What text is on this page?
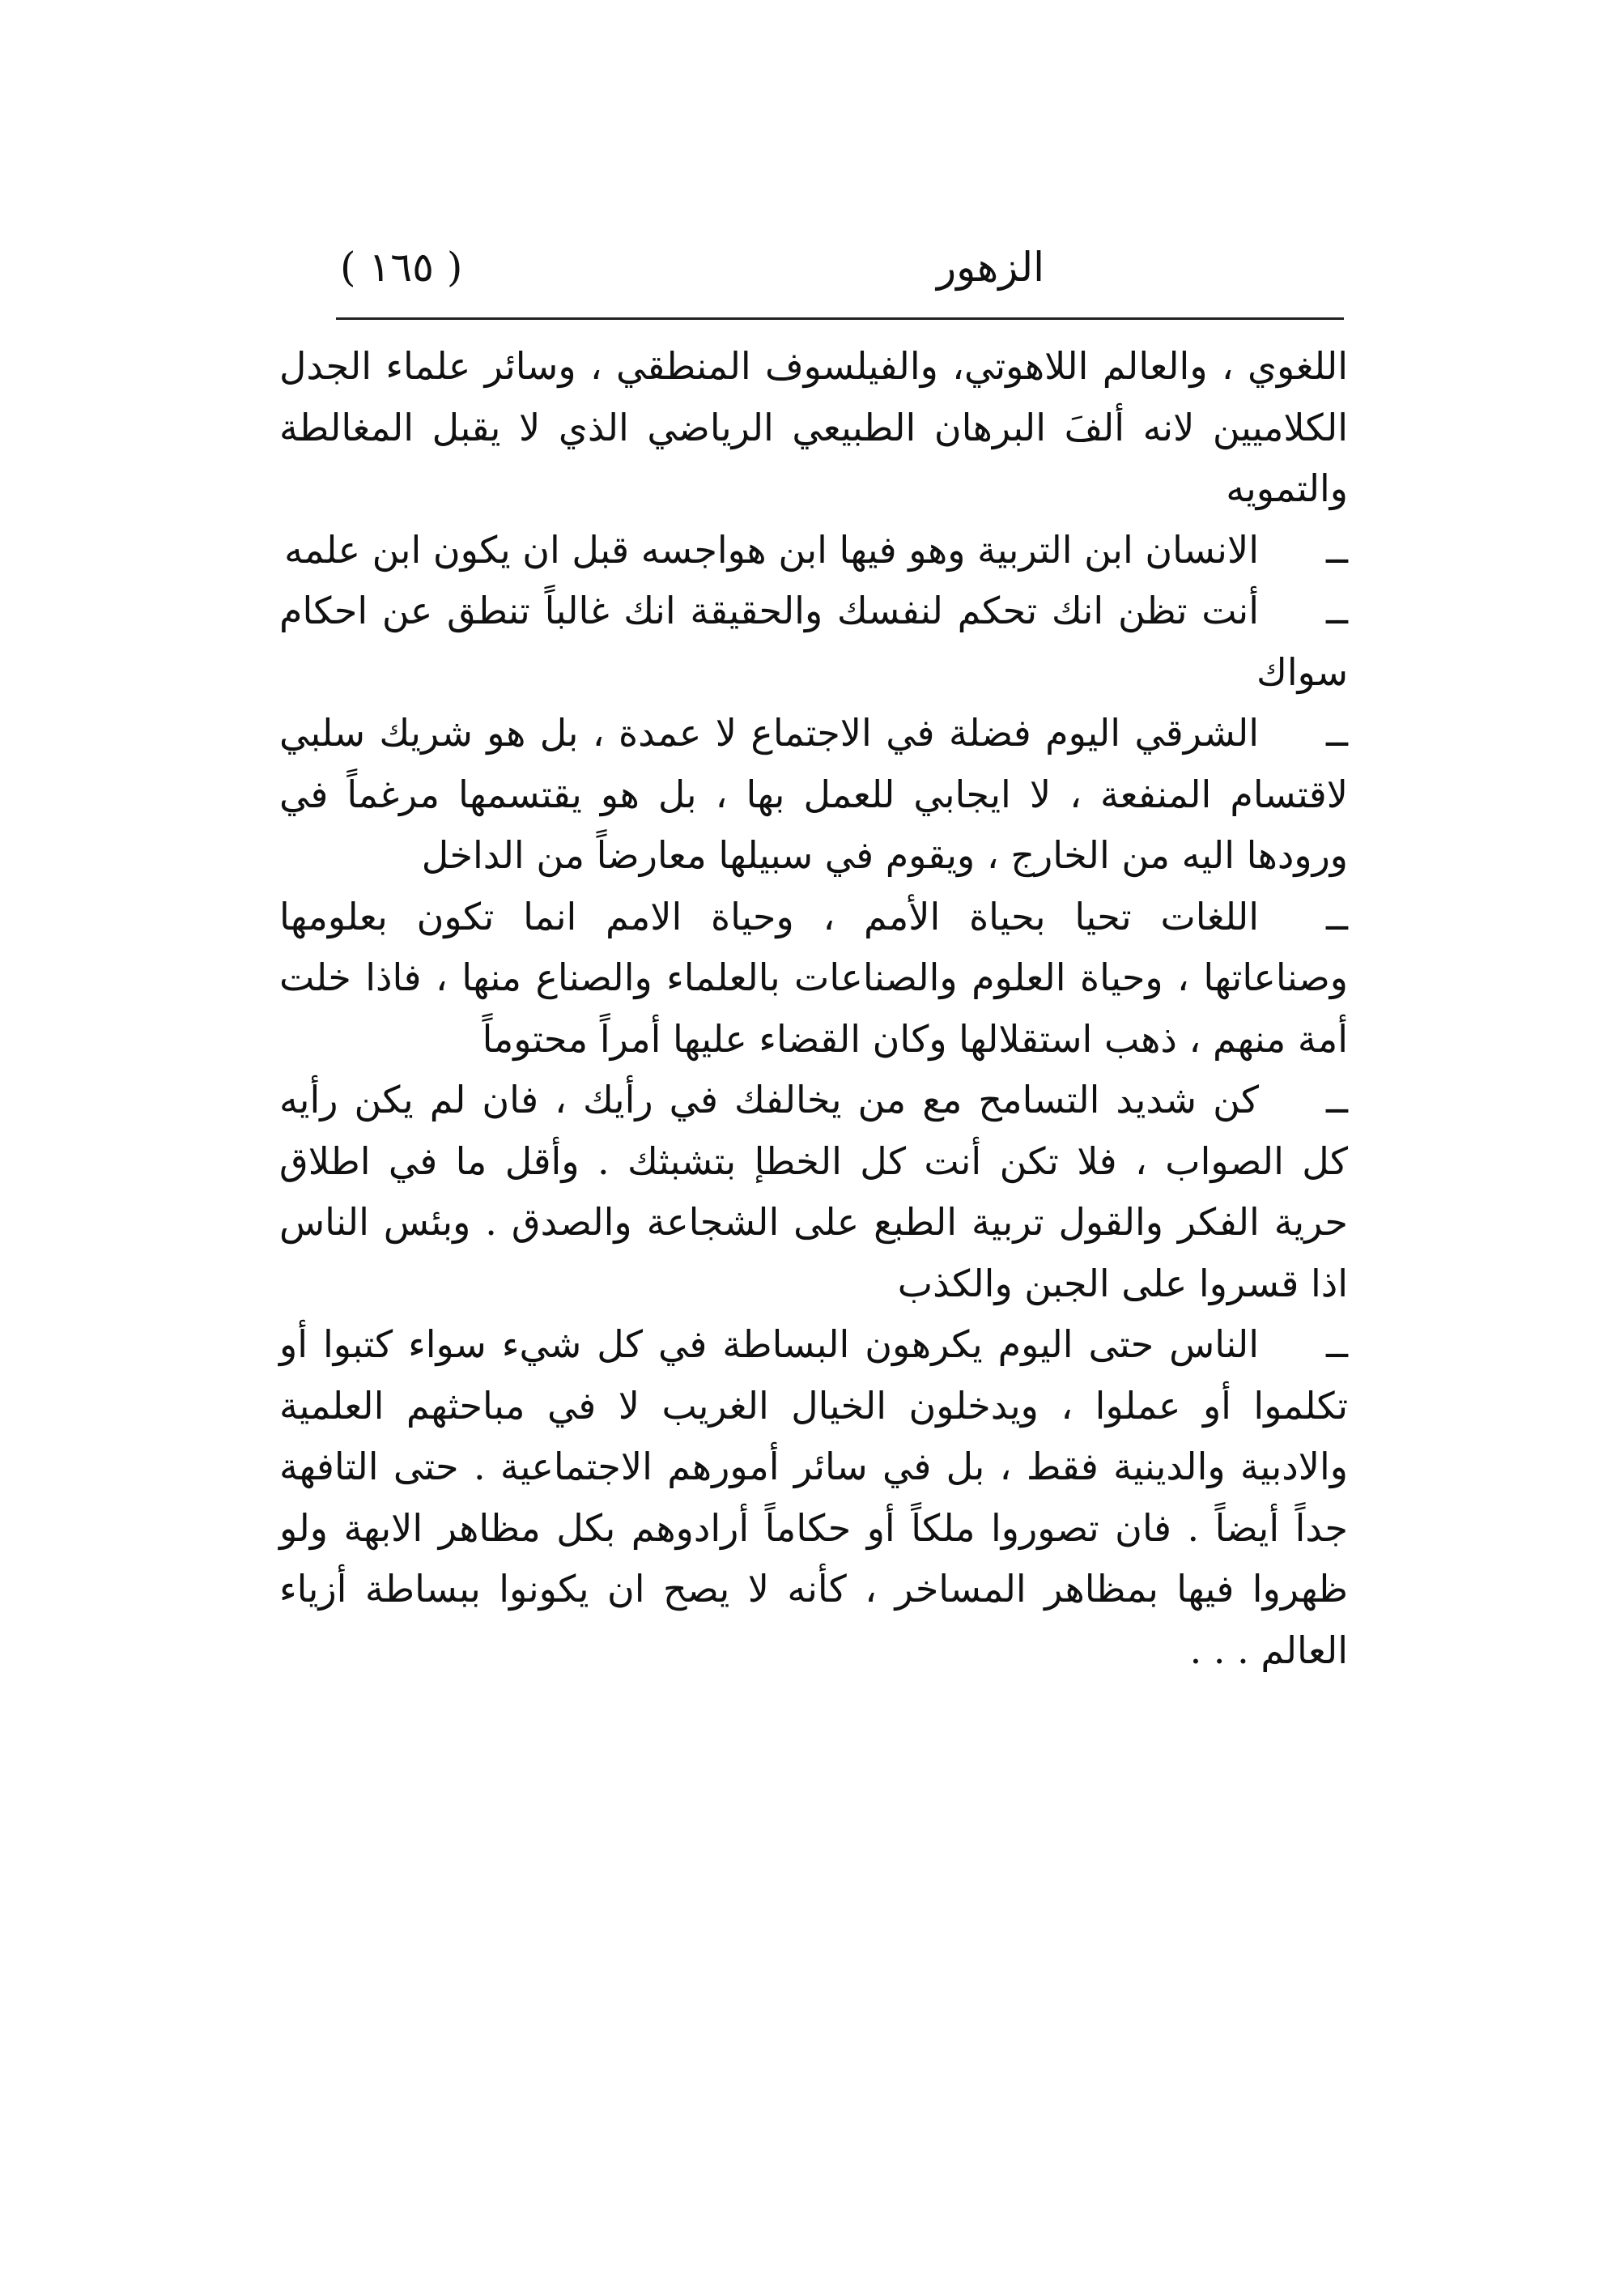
الزهور
( ١٦٥ )

اللغوي ، والعالم اللاهوتي، والفيلسوف المنطقي ، وسائر علماء الجدل الكلاميين لانه ألفَ البرهان الطبيعي الرياضي الذي لا يقبل المغالطة والتمويه

ــالانسان ابن التربية وهو فيها ابن هواجسه قبل ان يكون ابن علمه

ــأنت تظن انك تحكم لنفسك والحقيقة انك غالباً تنطق عن احكام سواك

ــالشرقي اليوم فضلة في الاجتماع لا عمدة ، بل هو شريك سلبي لاقتسام المنفعة ، لا ايجابي للعمل بها ، بل هو يقتسمها مرغماً في ورودها اليه من الخارج ، ويقوم في سبيلها معارضاً من الداخل

ــاللغات تحيا بحياة الأمم ، وحياة الامم انما تكون بعلومها وصناعاتها ، وحياة العلوم والصناعات بالعلماء والصناع منها ، فاذا خلت أمة منهم ، ذهب استقلالها وكان القضاء عليها أمراً محتوماً

ــكن شديد التسامح مع من يخالفك في رأيك ، فان لم يكن رأيه كل الصواب ، فلا تكن أنت كل الخطإ بتشبثك . وأقل ما في اطلاق حرية الفكر والقول تربية الطبع على الشجاعة والصدق . وبئس الناس اذا قسروا على الجبن والكذب

ــالناس حتى اليوم يكرهون البساطة في كل شيء سواء كتبوا أو تكلموا أو عملوا ، ويدخلون الخيال الغريب لا في مباحثهم العلمية والادبية والدينية فقط ، بل في سائر أمورهم الاجتماعية . حتى التافهة جداً أيضاً . فان تصوروا ملكاً أو حكاماً أرادوهم بكل مظاهر الابهة ولو ظهروا فيها بمظاهر المساخر ، كأنه لا يصح ان يكونوا ببساطة أزياء العالم . . .
